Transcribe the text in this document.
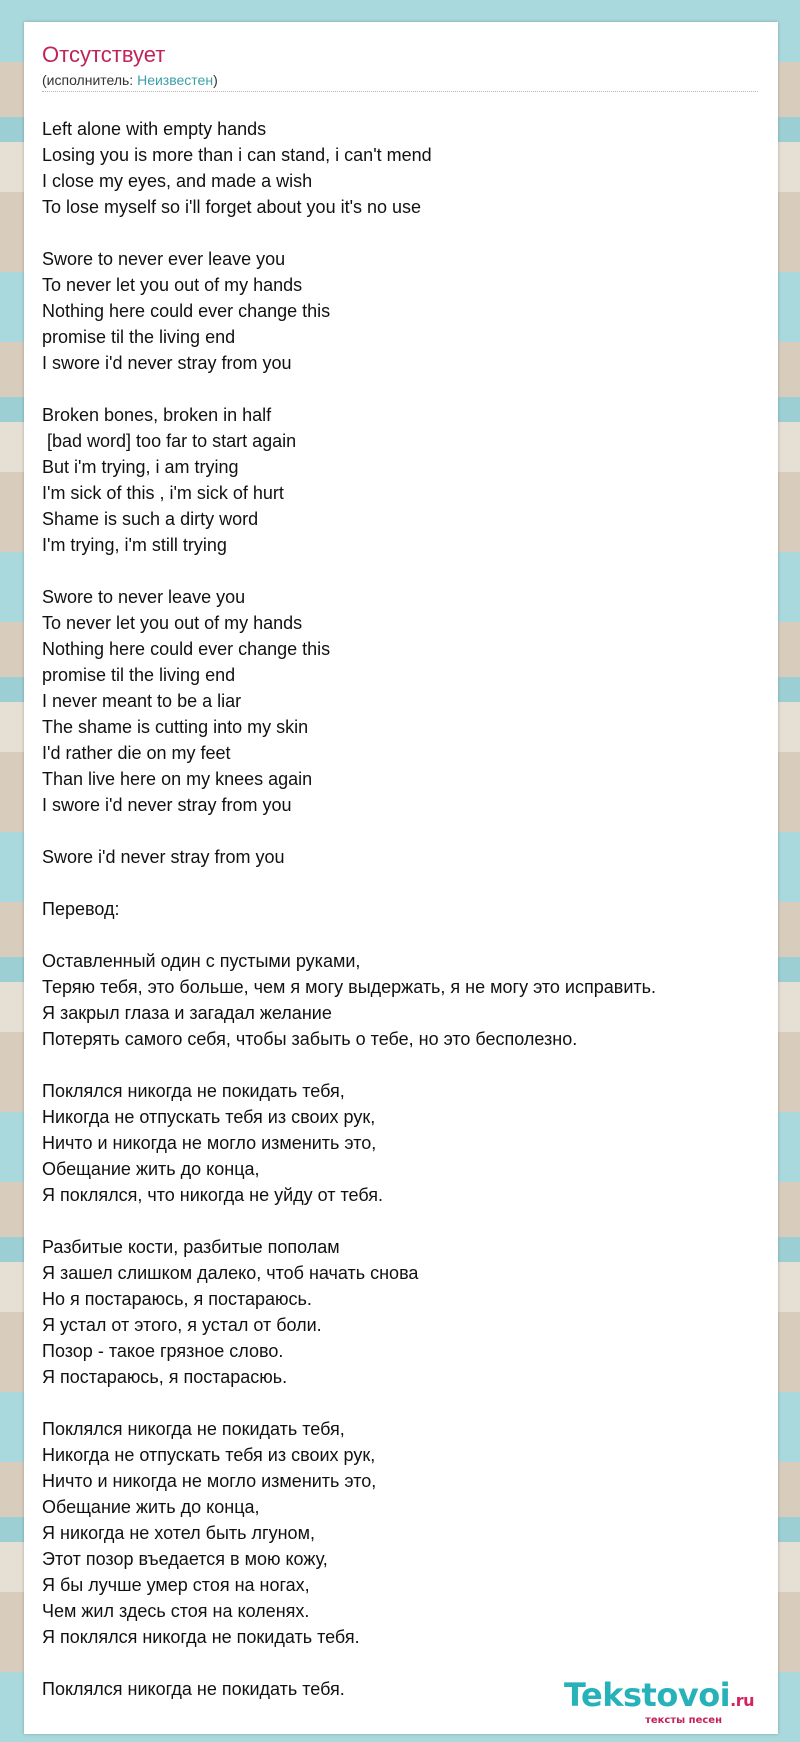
Отсутствует
(исполнитель: Неизвестен)
Left alone with empty hands
Losing you is more than i can stand, i can't mend
I close my eyes, and made a wish
To lose myself so i'll forget about you it's no use
Swore to never ever leave you
To never let you out of my hands
Nothing here could ever change this
promise til the living end
I swore i'd never stray from you
Broken bones, broken in half
[bad word] too far to start again
But i'm trying, i am trying
I'm sick of this , i'm sick of hurt
Shame is such a dirty word
I'm trying, i'm still trying
Swore to never leave you
To never let you out of my hands
Nothing here could ever change this
promise til the living end
I never meant to be a liar
The shame is cutting into my skin
I'd rather die on my feet
Than live here on my knees again
I swore i'd never stray from you
Swore i'd never stray from you
Перевод:
Оставленный один с пустыми руками,
Теряю тебя, это больше, чем я могу выдержать, я не могу это исправить.
Я закрыл глаза и загадал желание
Потерять самого себя, чтобы забыть о тебе, но это бесполезно.
Поклялся никогда не покидать тебя,
Никогда не отпускать тебя из своих рук,
Ничто и никогда не могло изменить это,
Обещание жить до конца,
Я поклялся, что никогда не уйду от тебя.
Разбитые кости, разбитые пополам
Я зашел слишком далеко, чтоб начать снова
Но я постараюсь, я постараюсь.
Я устал от этого, я устал от боли.
Позор - такое грязное слово.
Я постараюсь, я постарасюь.
Поклялся никогда не покидать тебя,
Никогда не отпускать тебя из своих рук,
Ничто и никогда не могло изменить это,
Обещание жить до конца,
Я никогда не хотел быть лгуном,
Этот позор въедается в мою кожу,
Я бы лучше умер стоя на ногах,
Чем жил здесь стоя на коленях.
Я поклялся никогда не покидать тебя.
Поклялся никогда не покидать тебя.	Tekstovoi.ru
тексты песен
